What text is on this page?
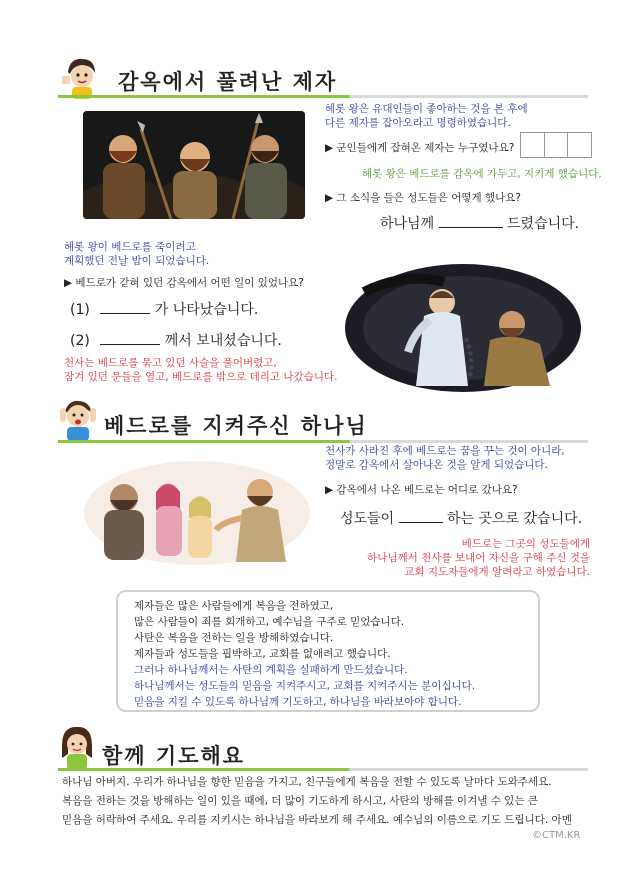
감옥에서 풀려난 제자
헤롯 왕은 유대인들이 좋아하는 것을 본 후에
다른 제자를 잡아오라고 명령하였습니다.
▶ 군인들에게 잡혀온 제자는 누구였나요?
헤롯 왕은 베드로를 감옥에 가두고, 지키게 했습니다.
▶ 그 소식을 들은 성도들은 어떻게 했나요?
하나님께	드렸습니다.
헤롯 왕이 베드로를 죽이려고
계획했던 전날 밤이 되었습니다.
▶ 베드로가 갇혀 있던 감옥에서 어떤 일이 있었나요?
(1)	가 나타났습니다.
(2)	께서 보내셨습니다.
천사는 베드로를 묶고 있던 사슬을 풀어버렸고,
잠겨 있던 문들을 열고, 베드로를 밖으로 데리고 나갔습니다.
베드로를 지켜주신 하나님
천사가 사라진 후에 베드로는 꿈을 꾸는 것이 아니라,
정말로 감옥에서 살아나온 것을 알게 되었습니다.
▶ 감옥에서 나온 베드로는 어디로 갔나요?
성도들이	하는 곳으로 갔습니다.
베드로는 그곳의 성도들에게
하나님께서 천사를 보내어 자신을 구해 주신 것을
교회 지도자들에게 알려라고 하였습니다.
제자들은 많은 사람들에게 복음을 전하였고,
많은 사람들이 죄를 회개하고, 예수님을 구주로 믿었습니다.
사탄은 복음을 전하는 일을 방해하였습니다.
제자들과 성도들을 핍박하고, 교회를 없애려고 했습니다.
그러나 하나님께서는 사탄의 계획을 실패하게 만드셨습니다.
하나님께서는 성도들의 믿음을 지켜주시고, 교회를 지켜주시는 분이십니다.
믿음을 지킬 수 있도록 하나님께 기도하고, 하나님을 바라보아야 합니다.
함께 기도해요
하나님 아버지. 우리가 하나님을 향한 믿음을 가지고, 친구들에게 복음을 전할 수 있도록 날마다 도와주세요.
복음을 전하는 것을 방해하는 일이 있을 때에, 더 많이 기도하게 하시고, 사탄의 방해를 이겨낼 수 있는 큰
믿음을 허락하여 주세요. 우리를 지키시는 하나님을 바라보게 해 주세요. 예수님의 이름으로 기도 드립니다. 아멘
©CTM.KR
